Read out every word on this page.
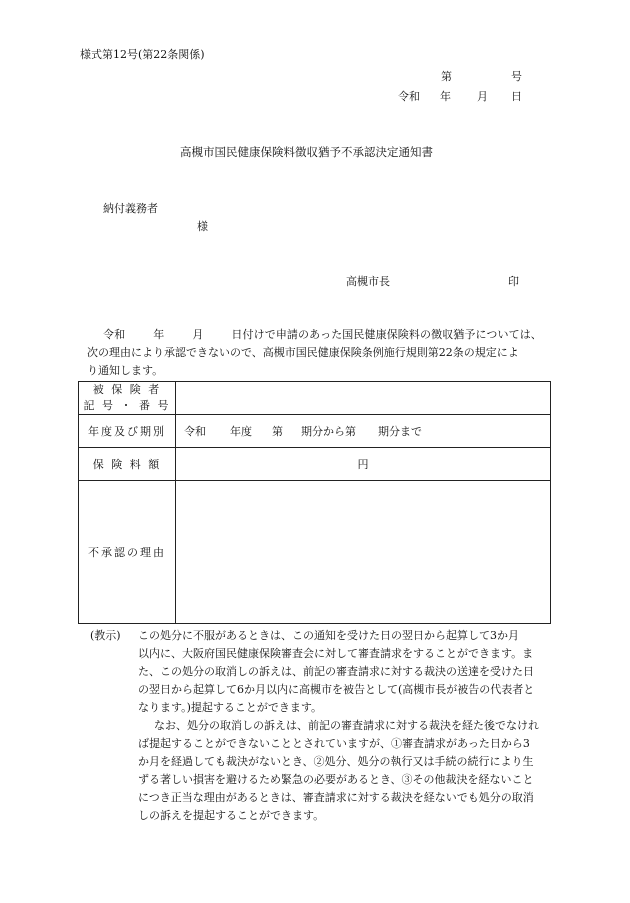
様式第12号(第22条関係)
第	号
令和 年 月 日
高槻市国民健康保険料徴収猶予不承認決定通知書
納付義務者
様
高槻市長	印
令和	年	月	日付けで申請のあった国民健康保険料の徴収猶予については、
次の理由により承認できないので、高槻市国民健康保険条例施行規則第22条の規定によ
り通知します。
被 保 険 者
記 号 ・ 番 号	

年度及び期別	令和 年度 第 期分から第 期分まで
保 険 料 額	円
不承認の理由	
(教示) この処分に不服があるときは、この通知を受けた日の翌日から起算して3か月
以内に、大阪府国民健康保険審査会に対して審査請求をすることができます。ま
た、この処分の取消しの訴えは、前記の審査請求に対する裁決の送達を受けた日
の翌日から起算して6か月以内に高槻市を被告として(高槻市長が被告の代表者と
なります。)提起することができます。
なお、処分の取消しの訴えは、前記の審査請求に対する裁決を経た後でなけれ
ば提起することができないこととされていますが、①審査請求があった日から3
か月を経過しても裁決がないとき、②処分、処分の執行又は手続の続行により生
ずる著しい損害を避けるため緊急の必要があるとき、③その他裁決を経ないこと
につき正当な理由があるときは、審査請求に対する裁決を経ないでも処分の取消
しの訴えを提起することができます。
